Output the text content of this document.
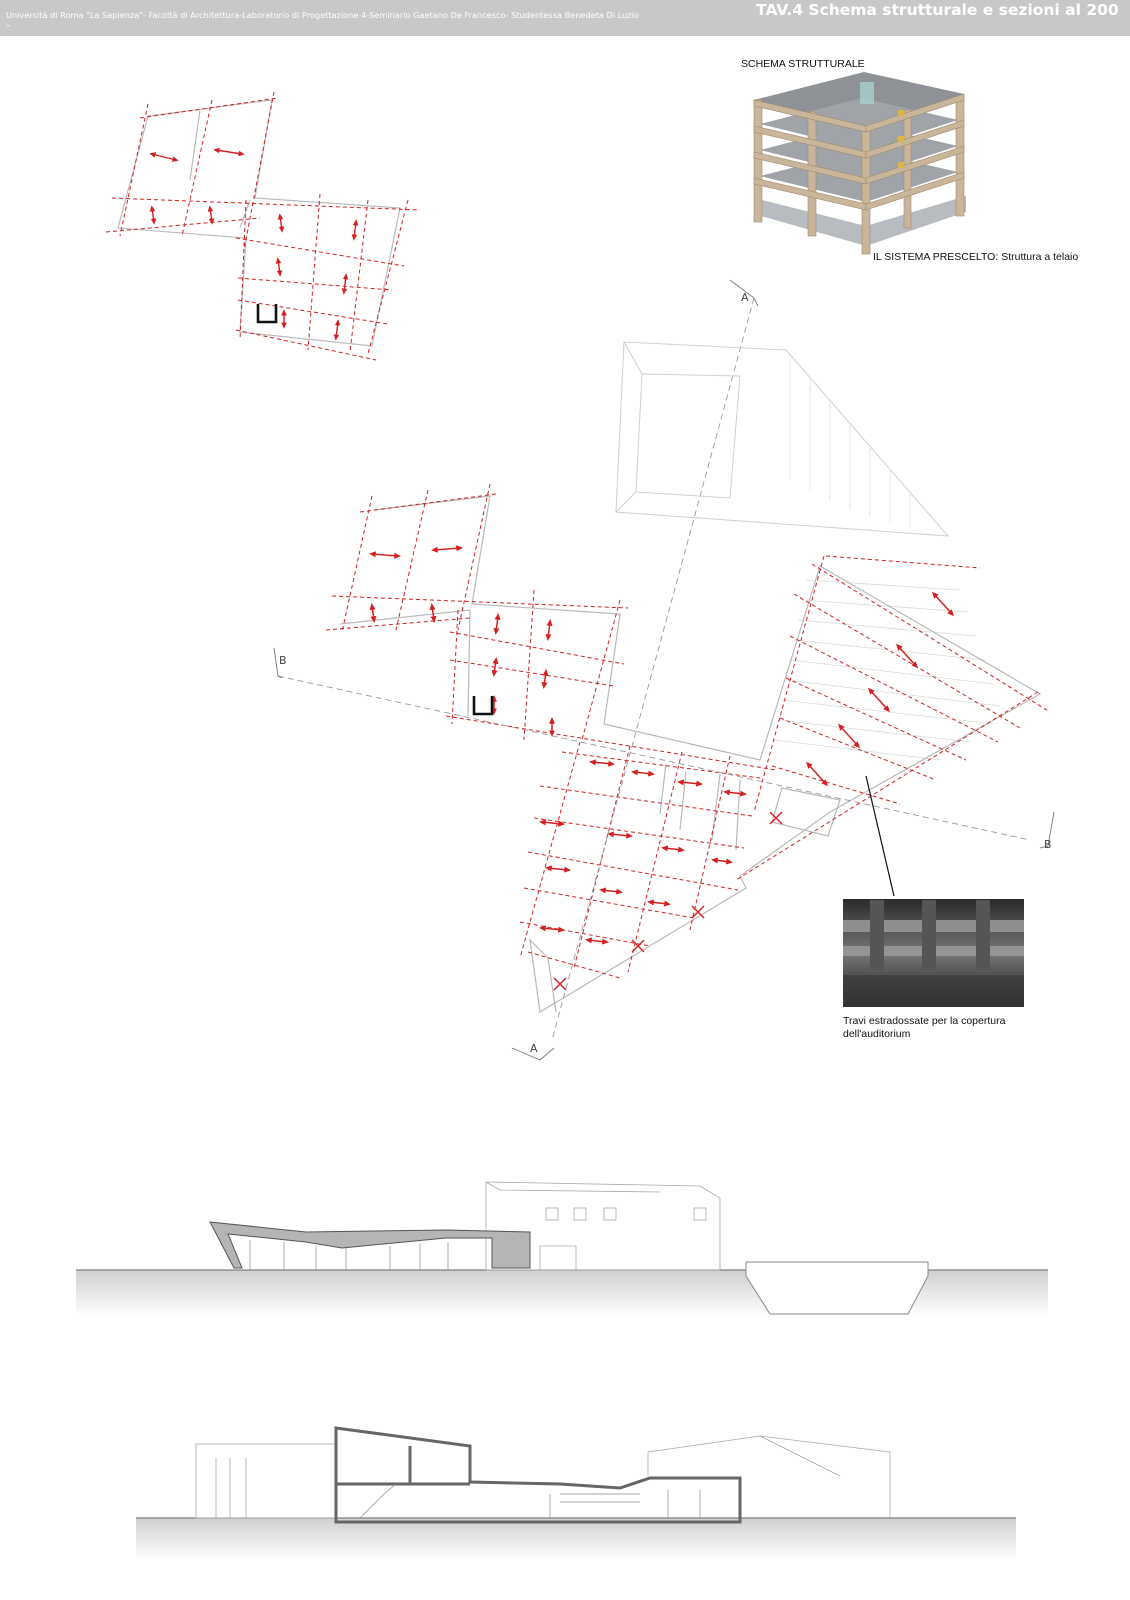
Università di Roma "La Sapienza"- Facoltà di Architettura-Laboratorio di Progettazione 4-Seminario Gaetano De Francesco- Studentessa Benedeta Di Luzio
–
TAV.4 Schema strutturale e sezioni al 200
SCHEMA STRUTTURALE
IL SISTEMA PRESCELTO: Struttura a telaio
Travi estradossate per la copertura
dell'auditorium
A
A
B
B
